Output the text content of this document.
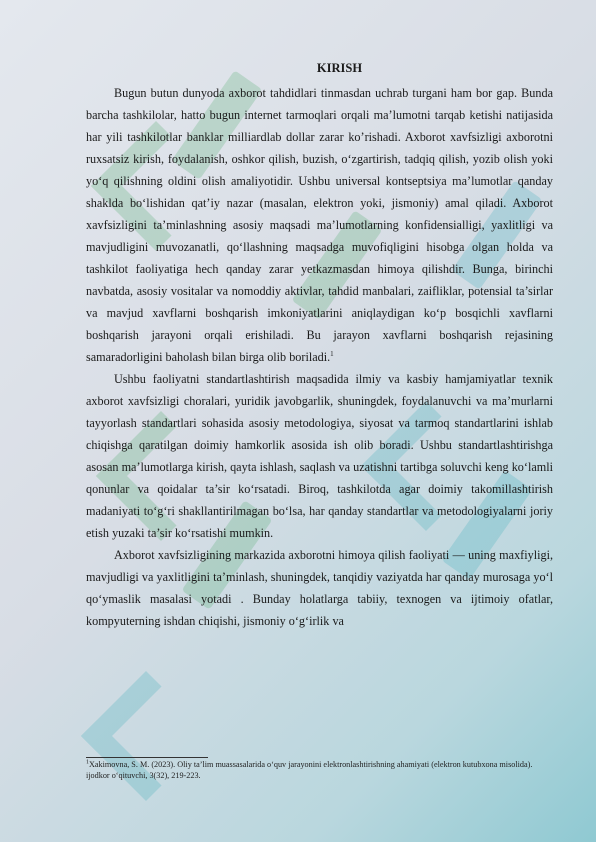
KIRISH

Bugun butun dunyoda axborot tahdidlari tinmasdan uchrab turgani ham bor gap. Bunda barcha tashkilolar, hatto bugun internet tarmoqlari orqali ma’lumotni tarqab ketishi natijasida har yili tashkilotlar banklar milliardlab dollar zarar ko’rishadi. Axborot xavfsizligi axborotni ruxsatsiz kirish, foydalanish, oshkor qilish, buzish, o‘zgartirish, tadqiq qilish, yozib olish yoki yo‘q qilishning oldini olish amaliyotidir. Ushbu universal kontseptsiya ma’lumotlar qanday shaklda bo‘lishidan qat’iy nazar (masalan, elektron yoki, jismoniy) amal qiladi. Axborot xavfsizligini ta’minlashning asosiy maqsadi ma’lumotlarning konfidensialligi, yaxlitligi va mavjudligini muvozanatli, qo‘llashning maqsadga muvofiqligini hisobga olgan holda va tashkilot faoliyatiga hech qanday zarar yetkazmasdan himoya qilishdir. Bunga, birinchi navbatda, asosiy vositalar va nomoddiy aktivlar, tahdid manbalari, zaifliklar, potensial ta’sirlar va mavjud xavflarni boshqarish imkoniyatlarini aniqlaydigan ko‘p bosqichli xavflarni boshqarish jarayoni orqali erishiladi. Bu jarayon xavflarni boshqarish rejasining samaradorligini baholash bilan birga olib boriladi.$^1$

Ushbu faoliyatni standartlashtirish maqsadida ilmiy va kasbiy hamjamiyatlar texnik axborot xavfsizligi choralari, yuridik javobgarlik, shuningdek, foydalanuvchi va ma’murlarni tayyorlash standartlari sohasida asosiy metodologiya, siyosat va tarmoq standartlarini ishlab chiqishga qaratilgan doimiy hamkorlik asosida ish olib boradi. Ushbu standartlashtirishga asosan ma’lumotlarga kirish, qayta ishlash, saqlash va uzatishni tartibga soluvchi keng ko‘lamli qonunlar va qoidalar ta’sir ko‘rsatadi. Biroq, tashkilotda agar doimiy takomillashtirish madaniyati to‘g‘ri shakllantirilmagan bo‘lsa, har qanday standartlar va metodologiyalarni joriy etish yuzaki ta’sir ko‘rsatishi mumkin.

Axborot xavfsizligining markazida axborotni himoya qilish faoliyati — uning maxfiyligi, mavjudligi va yaxlitligini ta’minlash, shuningdek, tanqidiy vaziyatda har qanday murosaga yo‘l qo‘ymaslik masalasi yotadi . Bunday holatlarga tabiiy, texnogen va ijtimoiy ofatlar, kompyuterning ishdan chiqishi, jismoniy o‘g‘irlik va

$^1$Xakimovna, S. M. (2023). Oliy ta’lim muassasalarida o‘quv jarayonini elektronlashtirishning ahamiyati (elektron kutubxona misolida). ijodkor o‘qituvchi, 3(32), 219-223.
